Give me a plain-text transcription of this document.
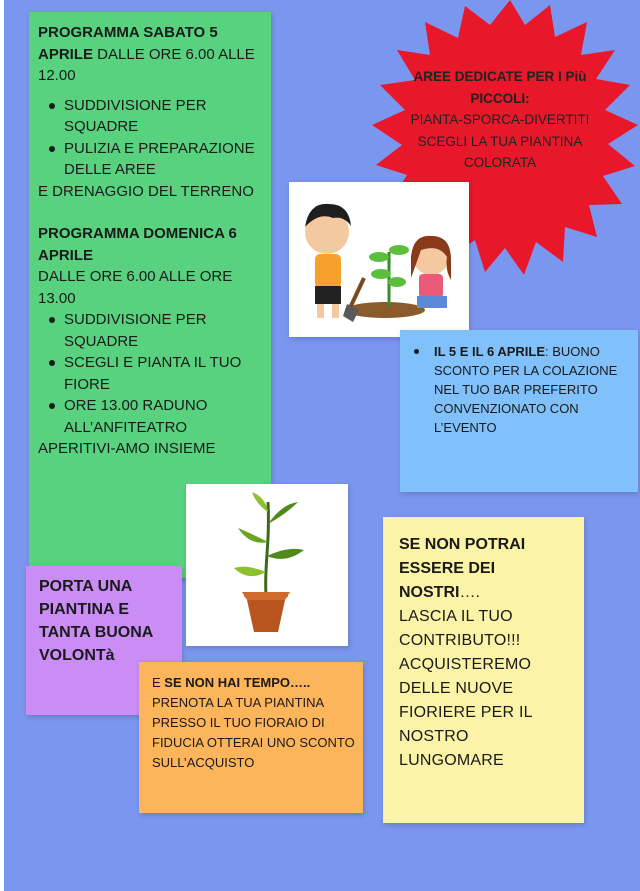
PROGRAMMA SABATO 5 APRILE DALLE ORE 6.00 ALLE 12.00
SUDDIVISIONE PER SQUADRE
PULIZIA E PREPARAZIONE DELLE AREE
E DRENAGGIO DEL TERRENO
PROGRAMMA DOMENICA 6 APRILE
DALLE ORE 6.00 ALLE ORE 13.00
SUDDIVISIONE PER SQUADRE
SCEGLI E PIANTA IL TUO FIORE
ORE 13.00 RADUNO ALL’ANFITEATRO
APERITIVI-AMO INSIEME
AREE DEDICATE PER I Più PICCOLI:
PIANTA-SPORCA-DIVERTITI
SCEGLI LA TUA PIANTINA COLORATA
IL 5 E IL 6 APRILE: BUONO SCONTO PER LA COLAZIONE NEL TUO BAR PREFERITO CONVENZIONATO CON L’EVENTO
PORTA UNA PIANTINA E TANTA BUONA VOLONTà
E SE NON HAI TEMPO….. PRENOTA LA TUA PIANTINA PRESSO IL TUO FIORAIO DI FIDUCIA OTTERAI UNO SCONTO SULL’ACQUISTO
SE NON POTRAI ESSERE DEI NOSTRI….
LASCIA IL TUO CONTRIBUTO!!! ACQUISTEREMO DELLE NUOVE FIORIERE PER IL NOSTRO LUNGOMARE
